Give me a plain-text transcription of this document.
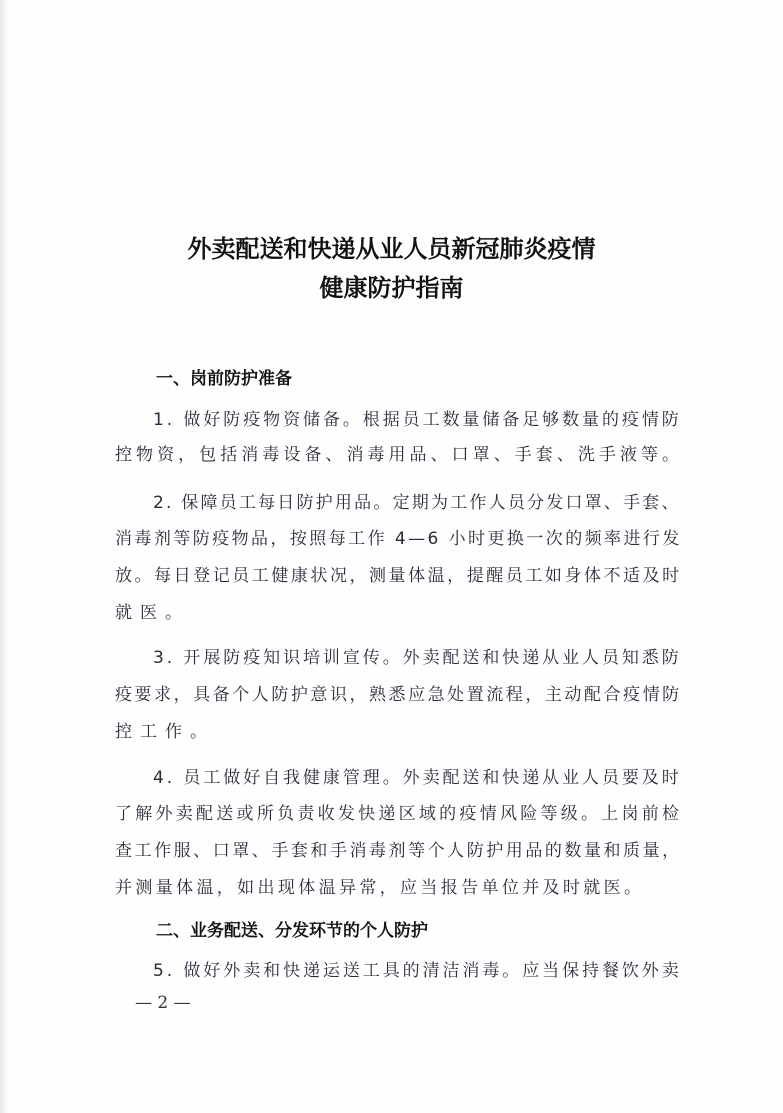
外卖配送和快递从业人员新冠肺炎疫情
健康防护指南
一、岗前防护准备
1. 做好防疫物资储备。根据员工数量储备足够数量的疫情防
控物资，包括消毒设备、消毒用品、口罩、手套、洗手液等。
2. 保障员工每日防护用品。定期为工作人员分发口罩、手套、
消毒剂等防疫物品，按照每工作 4—6 小时更换一次的频率进行发
放。每日登记员工健康状况，测量体温，提醒员工如身体不适及时
就医。
3. 开展防疫知识培训宣传。外卖配送和快递从业人员知悉防
疫要求，具备个人防护意识，熟悉应急处置流程，主动配合疫情防
控工作。
4. 员工做好自我健康管理。外卖配送和快递从业人员要及时
了解外卖配送或所负责收发快递区域的疫情风险等级。上岗前检
查工作服、口罩、手套和手消毒剂等个人防护用品的数量和质量，
并测量体温，如出现体温异常，应当报告单位并及时就医。
二、业务配送、分发环节的个人防护
5. 做好外卖和快递运送工具的清洁消毒。应当保持餐饮外卖
— 2 —
